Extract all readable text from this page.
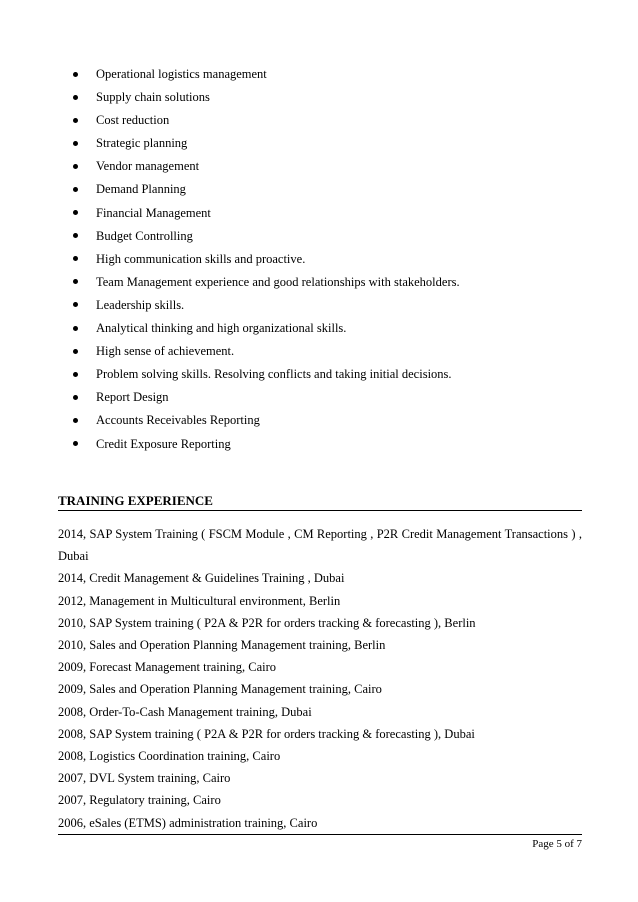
Operational logistics management
Supply chain solutions
Cost reduction
Strategic planning
Vendor management
Demand Planning
Financial Management
Budget Controlling
High communication skills and proactive.
Team Management experience and good relationships with stakeholders.
Leadership skills.
Analytical thinking and high organizational skills.
High sense of achievement.
Problem solving skills. Resolving conflicts and taking initial decisions.
Report Design
Accounts Receivables Reporting
Credit Exposure Reporting
TRAINING EXPERIENCE
2014, SAP System Training ( FSCM Module , CM Reporting , P2R Credit Management Transactions ) , Dubai
2014, Credit Management & Guidelines Training , Dubai
2012, Management in Multicultural environment, Berlin
2010, SAP System training ( P2A & P2R for orders tracking & forecasting ), Berlin
2010, Sales and Operation Planning Management training, Berlin
2009, Forecast Management training, Cairo
2009, Sales and Operation Planning Management training, Cairo
2008, Order-To-Cash Management training, Dubai
2008, SAP System training ( P2A & P2R for orders tracking & forecasting ), Dubai
2008, Logistics Coordination training, Cairo
2007, DVL System training, Cairo
2007, Regulatory training, Cairo
2006, eSales (ETMS) administration training, Cairo
Page 5 of 7
